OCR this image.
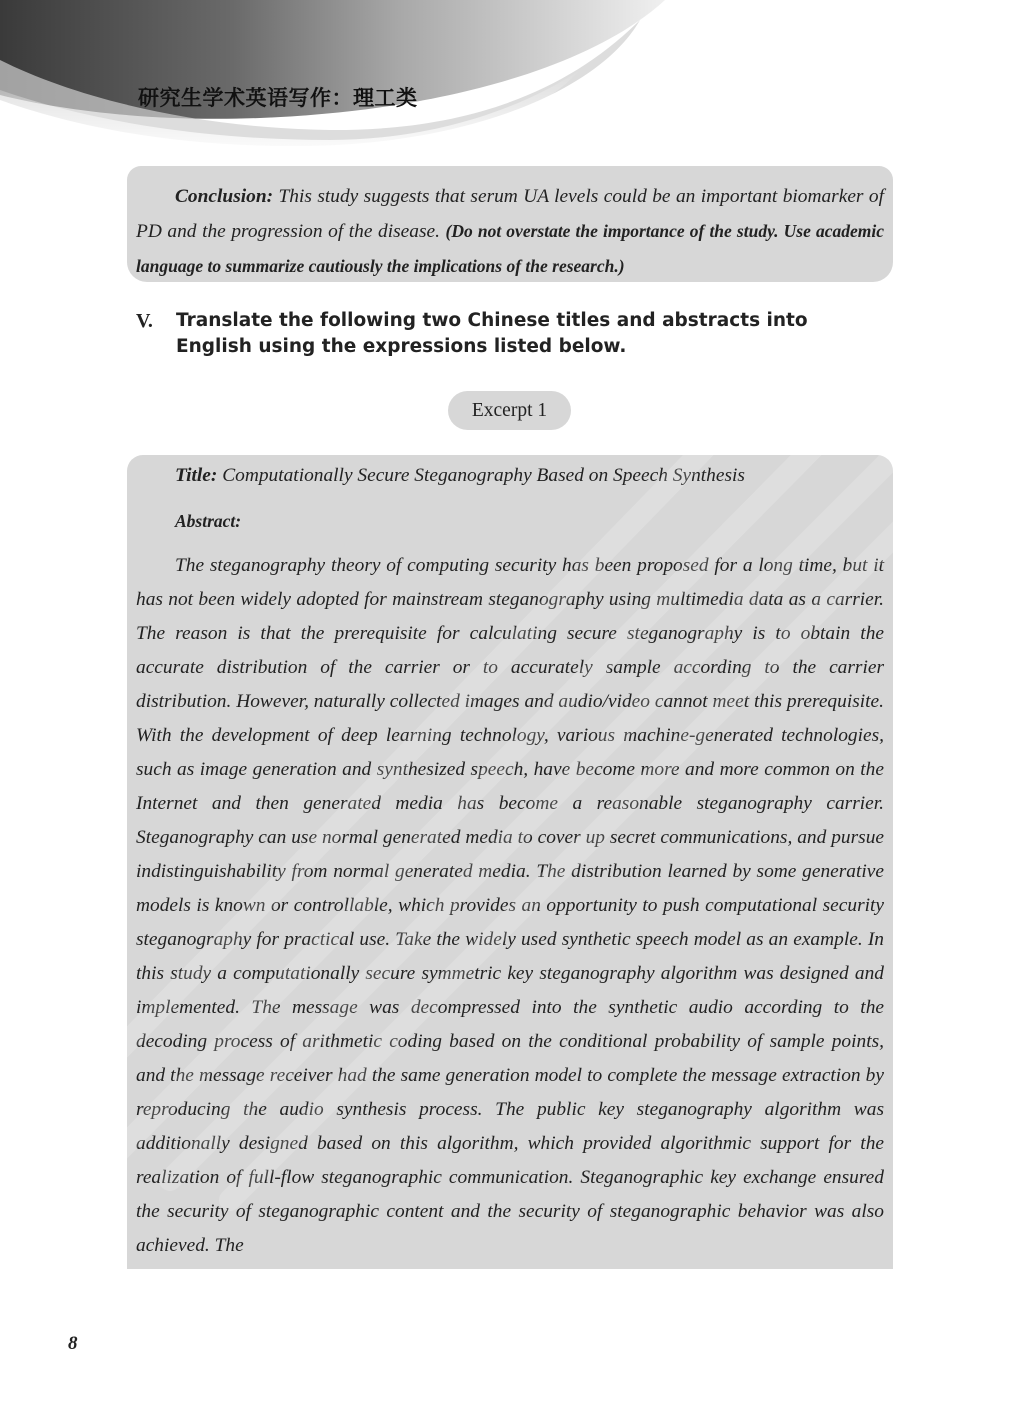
研究生学术英语写作：理工类

Conclusion: This study suggests that serum UA levels could be an important biomarker of PD and the progression of the disease. (Do not overstate the importance of the study. Use academic language to summarize cautiously the implications of the research.)

V. Translate the following two Chinese titles and abstracts into English using the expressions listed below.
Excerpt 1

Title: Computationally Secure Steganography Based on Speech Synthesis

Abstract:

The steganography theory of computing security has been proposed for a long time, but it has not been widely adopted for mainstream steganography using multimedia data as a carrier. The reason is that the prerequisite for calculating secure steganography is to obtain the accurate distribution of the carrier or to accurately sample according to the carrier distribution. However, naturally collected images and audio/video cannot meet this prerequisite. With the development of deep learning technology, various machine-generated technologies, such as image generation and synthesized speech, have become more and more common on the Internet and then generated media has become a reasonable steganography carrier. Steganography can use normal generated media to cover up secret communications, and pursue indistinguishability from normal generated media. The distribution learned by some generative models is known or controllable, which provides an opportunity to push computational security steganography for practical use. Take the widely used synthetic speech model as an example. In this study a computationally secure symmetric key steganography algorithm was designed and implemented. The message was decompressed into the synthetic audio according to the decoding process of arithmetic coding based on the conditional probability of sample points, and the message receiver had the same generation model to complete the message extraction by reproducing the audio synthesis process. The public key steganography algorithm was additionally designed based on this algorithm, which provided algorithmic support for the realization of full-flow steganographic communication. Steganographic key exchange ensured the security of steganographic content and the security of steganographic behavior was also achieved. The

8
